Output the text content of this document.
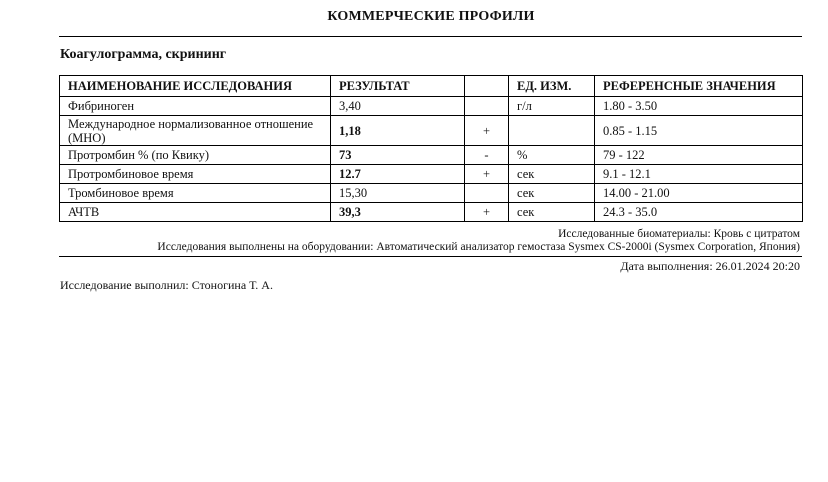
КОММЕРЧЕСКИЕ ПРОФИЛИ
Коагулограмма, скрининг
НАИМЕНОВАНИЕ ИССЛЕДОВАНИЯ	РЕЗУЛЬТАТ		ЕД. ИЗМ.	РЕФЕРЕНСНЫЕ ЗНАЧЕНИЯ
Фибриноген	3,40		г/л	1.80 - 3.50
Международное нормализованное отношение (МНО)	1,18	+		0.85 - 1.15
Протромбин % (по Квику)	73	-	%	79 - 122
Протромбиновое время	12.7	+	сек	9.1 - 12.1
Тромбиновое время	15,30		сек	14.00 - 21.00
АЧТВ	39,3	+	сек	24.3 - 35.0
Исследованные биоматериалы: Кровь с цитратом
Исследования выполнены на оборудовании: Автоматический анализатор гемостаза Sysmex CS-2000i (Sysmex Corporation, Япония)
Дата выполнения: 26.01.2024 20:20
Исследование выполнил: Стоногина Т. А.
